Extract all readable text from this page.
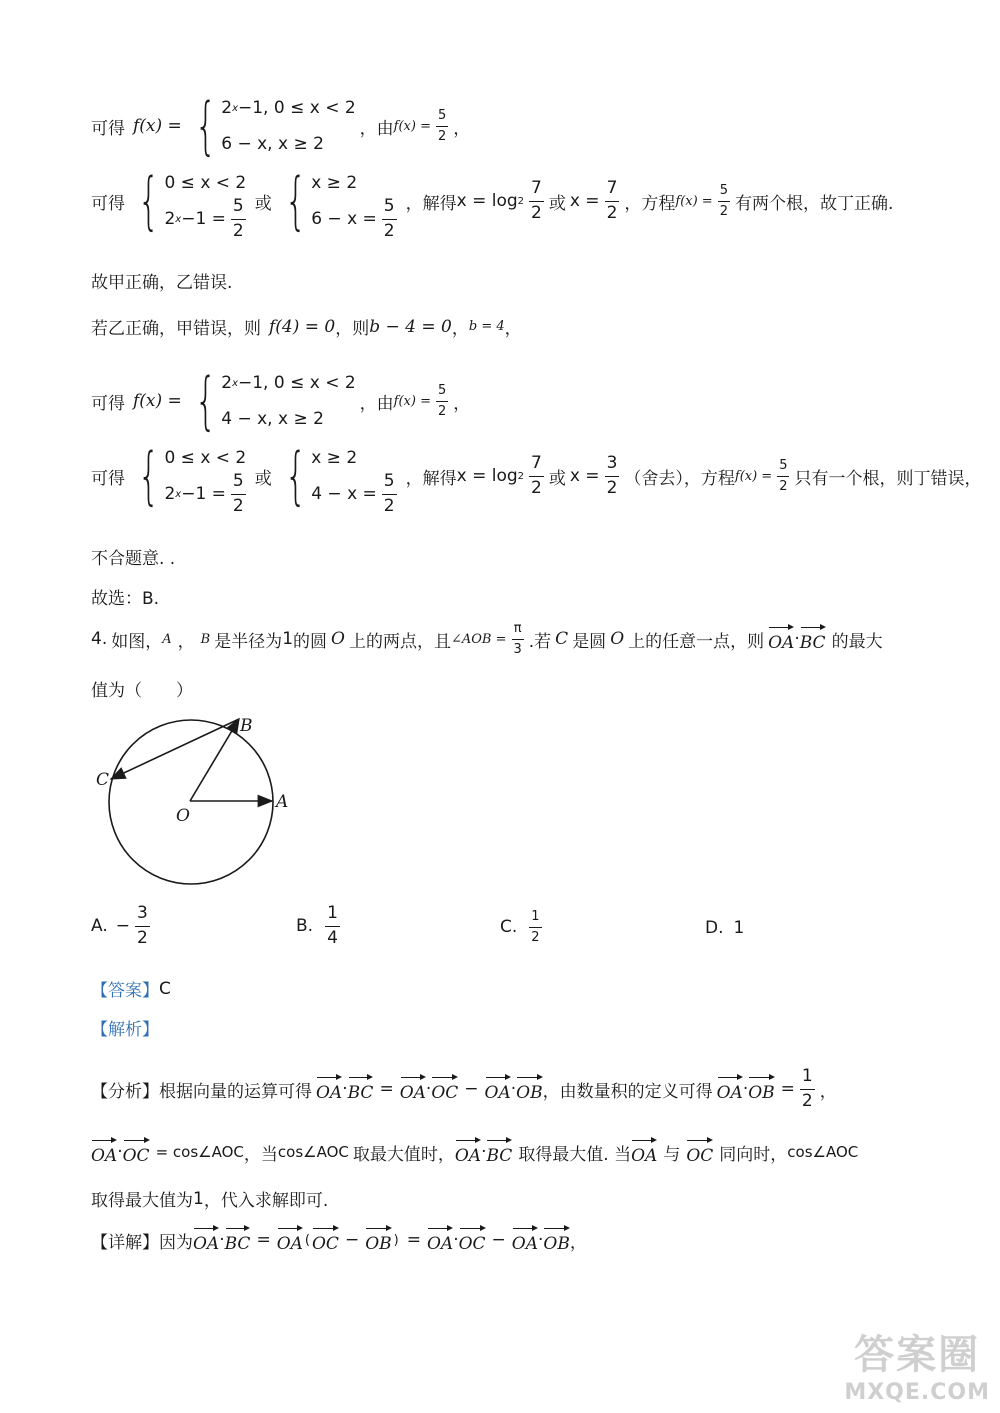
可得 f(x) = { 2 x −1, 0 ≤ x < 2
6 − x, x ≥ 2
，由 $f(x) = \frac{5}{2}$ ，
可得 { 0 ≤ x < 2
2 $x -1 = \frac{5}{2}$ 或 { x ≥ 2
$6 - x = \frac{5}{2}$ ，解得 $x = \log 2 \frac{7}{2}$ 或 $x = \frac{7}{2}$ ，方程 $f(x) = \frac{5}{2}$ 有两个根，故丁正确.
故甲正确，乙错误.
若乙正确，甲错误，则 f(4) = 0 ，则 b − 4 = 0 ， b = 4 ，
可得 f(x) = { 2 x −1, 0 ≤ x < 2
4 − x, x ≥ 2
，由 $f(x) = \frac{5}{2}$ ，
可得 { 0 ≤ x < 2
2 $x -1 = \frac{5}{2}$ 或 { x ≥ 2
$4 - x = \frac{5}{2}$ ，解得 $x = \log 2 \frac{7}{2}$ 或 $x = \frac{3}{2}$ （舍去），方程 $f(x) = \frac{5}{2}$ 只有一个根，则丁错误，
不合题意. .
故选：B.
4. 如图， A ， B 是半径为 1 的圆 O 上的两点，且 ∠AOB = $\frac{\pi}{3}$ .若 C 是圆 O 上的任意一点，则 OA · BC 的最大
值为（　　）
B
C
O
A
A. − $\frac{3}{2}$	B. $\frac{1}{4}$	C. $\frac{1}{2}$	D. 1
【答案】 C
【解析】
【分析】根据向量的运算可得 OA · BC = OA · OC − OA · OB ，由数量积的定义可得 OA · OB = $\frac{1}{2}$ ，
OA · OC = cos∠AOC ，当 cos∠AOC 取最大值时， OA · BC 取得最大值. 当 OA 与 OC 同向时， cos∠AOC
取得最大值为 1 ，代入求解即可.
【详解】因为 OA · BC = OA ( OC − OB ) = OA · OC − OA · OB ，
答案圈
MXQE.COM
